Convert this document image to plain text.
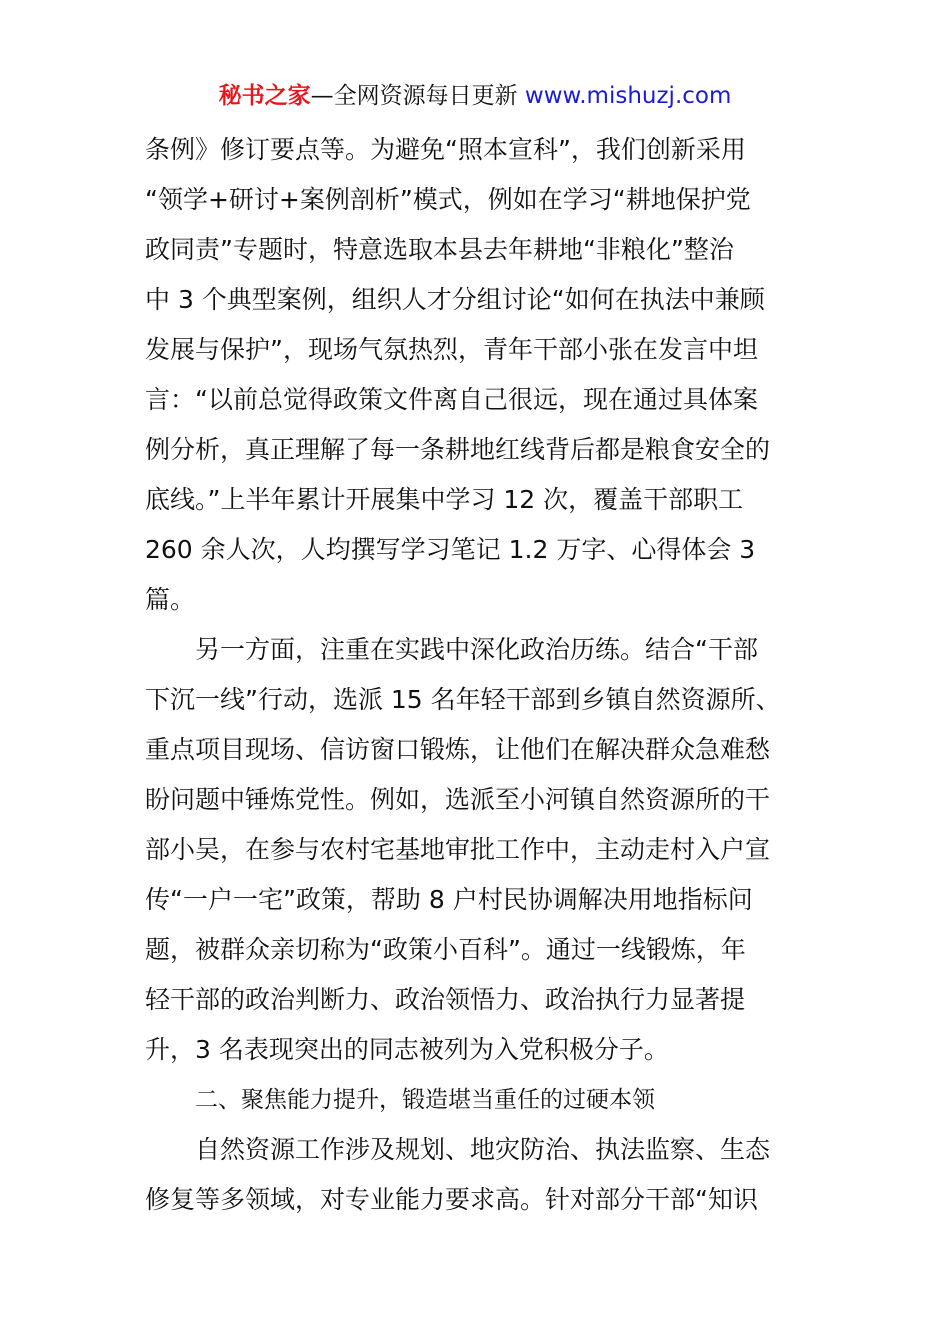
秘书之家—全网资源每日更新 www.mishuzj.com
条例》修订要点等。为避免“照本宣科”，我们创新采用
“领学+研讨+案例剖析”模式，例如在学习“耕地保护党
政同责”专题时，特意选取本县去年耕地“非粮化”整治
中 3 个典型案例，组织人才分组讨论“如何在执法中兼顾
发展与保护”，现场气氛热烈，青年干部小张在发言中坦
言：“以前总觉得政策文件离自己很远，现在通过具体案
例分析，真正理解了每一条耕地红线背后都是粮食安全的
底线。”上半年累计开展集中学习 12 次，覆盖干部职工
260 余人次，人均撰写学习笔记 1.2 万字、心得体会 3
篇。
另一方面，注重在实践中深化政治历练。结合“干部
下沉一线”行动，选派 15 名年轻干部到乡镇自然资源所、
重点项目现场、信访窗口锻炼，让他们在解决群众急难愁
盼问题中锤炼党性。例如，选派至小河镇自然资源所的干
部小吴，在参与农村宅基地审批工作中，主动走村入户宣
传“一户一宅”政策，帮助 8 户村民协调解决用地指标问
题，被群众亲切称为“政策小百科”。通过一线锻炼，年
轻干部的政治判断力、政治领悟力、政治执行力显著提
升，3 名表现突出的同志被列为入党积极分子。
二、聚焦能力提升，锻造堪当重任的过硬本领
自然资源工作涉及规划、地灾防治、执法监察、生态
修复等多领域，对专业能力要求高。针对部分干部“知识
